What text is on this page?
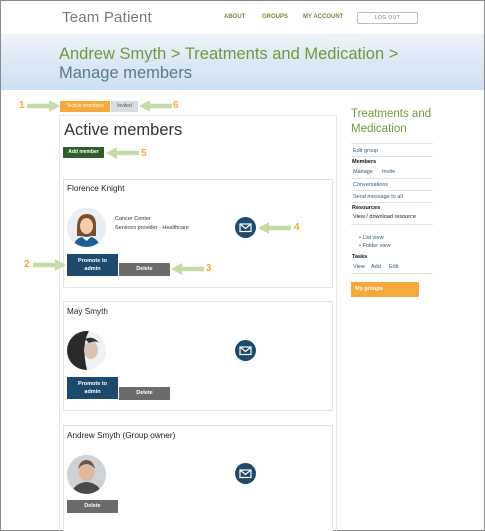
Team Patient	ABOUT	GROUPS MY ACCOUNT	LOG OUT
Andrew Smyth > Treatments and Medication >
Manage members
*Active members	Invited
Active members
Add member
Florence Knight
Cancer Center
Services provider - Healthcare
Promote to
admin	Delete
May Smyth
Promote to
admin	Delete
Andrew Smyth (Group owner)
Delete
Treatments and
Medication
Edit group
Members
Manage Invite
Conversations
Send message to all
Resources
View / download resource
• List view
• Folder view
Tasks
View Add Edit
My groups
1
2	3
4
5
6
